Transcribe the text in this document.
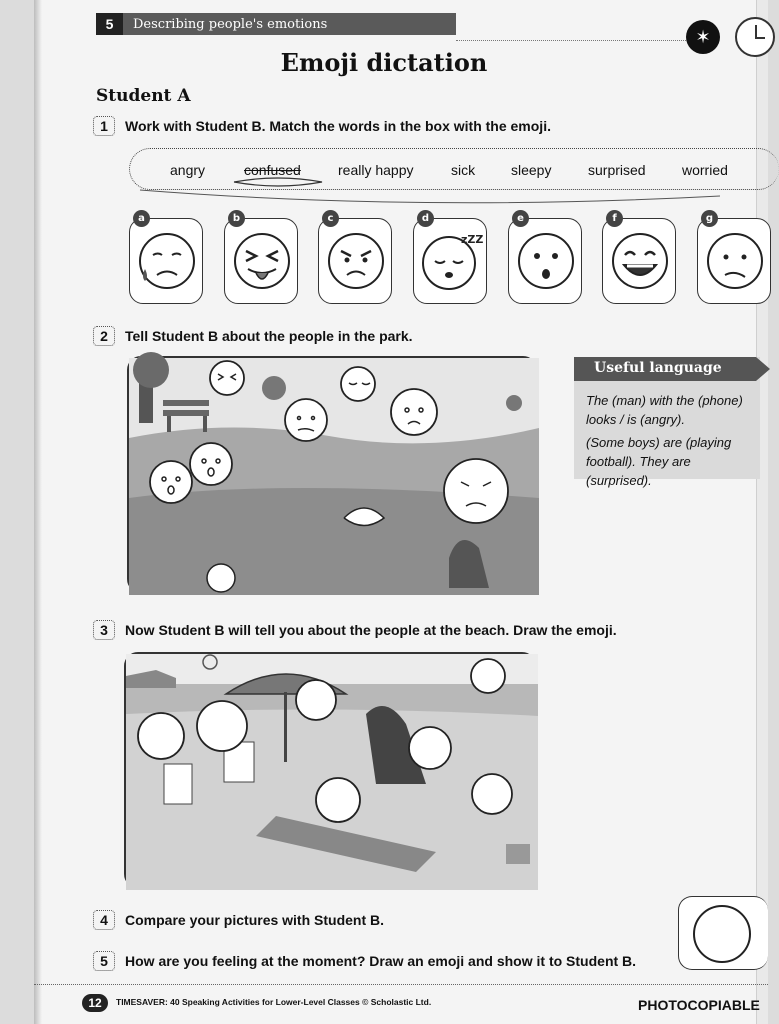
5	Describing people's emotions
✶
Emoji dictation
Student A
1	Work with Student B. Match the words in the box with the emoji.
angry	confused	really happy	sick	sleepy	surprised	worried
a	b	c	d
zZZ
e	f	g
2	Tell Student B about the people in the park.
Useful language
The (man) with the (phone) looks / is (angry).
(Some boys) are (playing football). They are (surprised).
3	Now Student B will tell you about the people at the beach. Draw the emoji.
4	Compare your pictures with Student B.
5	How are you feeling at the moment? Draw an emoji and show it to Student B.
12	TIMESAVER: 40 Speaking Activities for Lower-Level Classes © Scholastic Ltd.	PHOTOCOPIABLE
